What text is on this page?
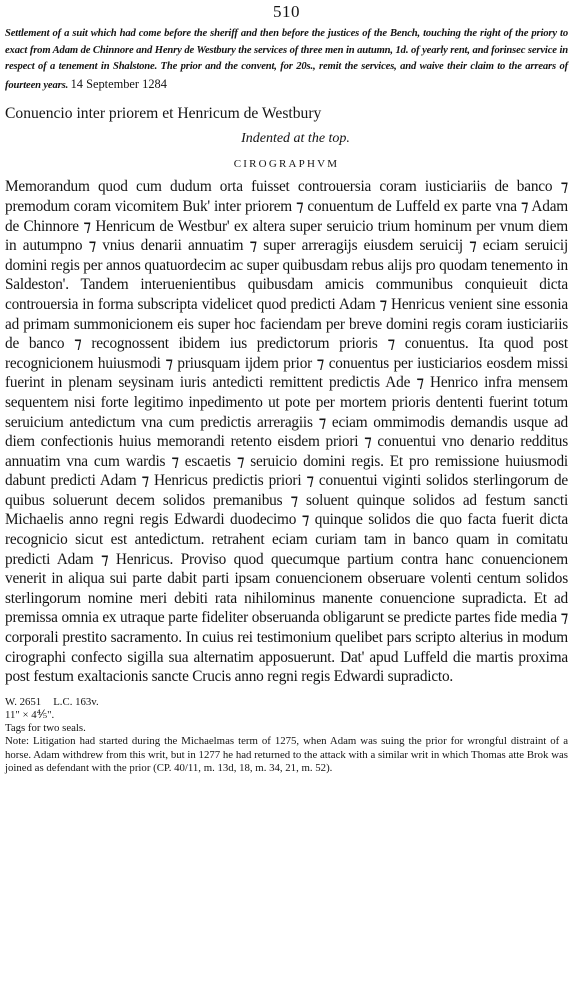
510
Settlement of a suit which had come before the sheriff and then before the justices of the Bench, touching the right of the priory to exact from Adam de Chinnore and Henry de Westbury the services of three men in autumn, 1d. of yearly rent, and forinsec service in respect of a tenement in Shalstone. The prior and the convent, for 20s., remit the services, and waive their claim to the arrears of fourteen years. 14 September 1284
Conuencio inter priorem et Henricum de Westbury
Indented at the top.
CIROGRAPHVM
Memorandum quod cum dudum orta fuisset controuersia coram iusticiariis de banco ⁊ premodum coram vicomitem Buk' inter priorem ⁊ conuentum de Luffeld ex parte vna ⁊ Adam de Chinnore ⁊ Henricum de Westbur' ex altera super seruicio trium hominum per vnum diem in autumpno ⁊ vnius denarii annuatim ⁊ super arreragijs eiusdem seruicij ⁊ eciam seruicij domini regis per annos quatuordecim ac super quibusdam rebus alijs pro quodam tenemento in Saldeston'. Tandem interuenientibus quibusdam amicis communibus conquieuit dicta controuersia in forma subscripta videlicet quod predicti Adam ⁊ Henricus venient sine essonia ad primam summonicionem eis super hoc faciendam per breve domini regis coram iusticiariis de banco ⁊ recognossent ibidem ius predictorum prioris ⁊ conuentus. Ita quod post recognicionem huiusmodi ⁊ priusquam ijdem prior ⁊ conuentus per iusticiarios eosdem missi fuerint in plenam seysinam iuris antedicti remittent predictis Ade ⁊ Henrico infra mensem sequentem nisi forte legitimo inpedimento ut pote per mortem prioris dententi fuerint totum seruicium antedictum vna cum predictis arreragiis ⁊ eciam ommimodis demandis usque ad diem confectionis huius memorandi retento eisdem priori ⁊ conuentui vno denario redditus annuatim vna cum wardis ⁊ escaetis ⁊ seruicio domini regis. Et pro remissione huiusmodi dabunt predicti Adam ⁊ Henricus predictis priori ⁊ conuentui viginti solidos sterlingorum de quibus soluerunt decem solidos premanibus ⁊ soluent quinque solidos ad festum sancti Michaelis anno regni regis Edwardi duodecimo ⁊ quinque solidos die quo facta fuerit dicta recognicio sicut est antedictum. retrahent eciam curiam tam in banco quam in comitatu predicti Adam ⁊ Henricus. Proviso quod quecumque partium contra hanc conuencionem venerit in aliqua sui parte dabit parti ipsam conuencionem obseruare volenti centum solidos sterlingorum nomine meri debiti rata nihilominus manente conuencione supradicta. Et ad premissa omnia ex utraque parte fideliter obseruanda obligarunt se predicte partes fide media ⁊ corporali prestito sacramento. In cuius rei testimonium quelibet pars scripto alterius in modum cirographi confecto sigilla sua alternatim apposuerunt. Dat' apud Luffeld die martis proxima post festum exaltacionis sancte Crucis anno regni regis Edwardi supradicto.
W. 2651 L.C. 163v.
11" × 4⅘".
Tags for two seals.
Note: Litigation had started during the Michaelmas term of 1275, when Adam was suing the prior for wrongful distraint of a horse. Adam withdrew from this writ, but in 1277 he had returned to the attack with a similar writ in which Thomas atte Brok was joined as defendant with the prior (CP. 40/11, m. 13d, 18, m. 34, 21, m. 52).
